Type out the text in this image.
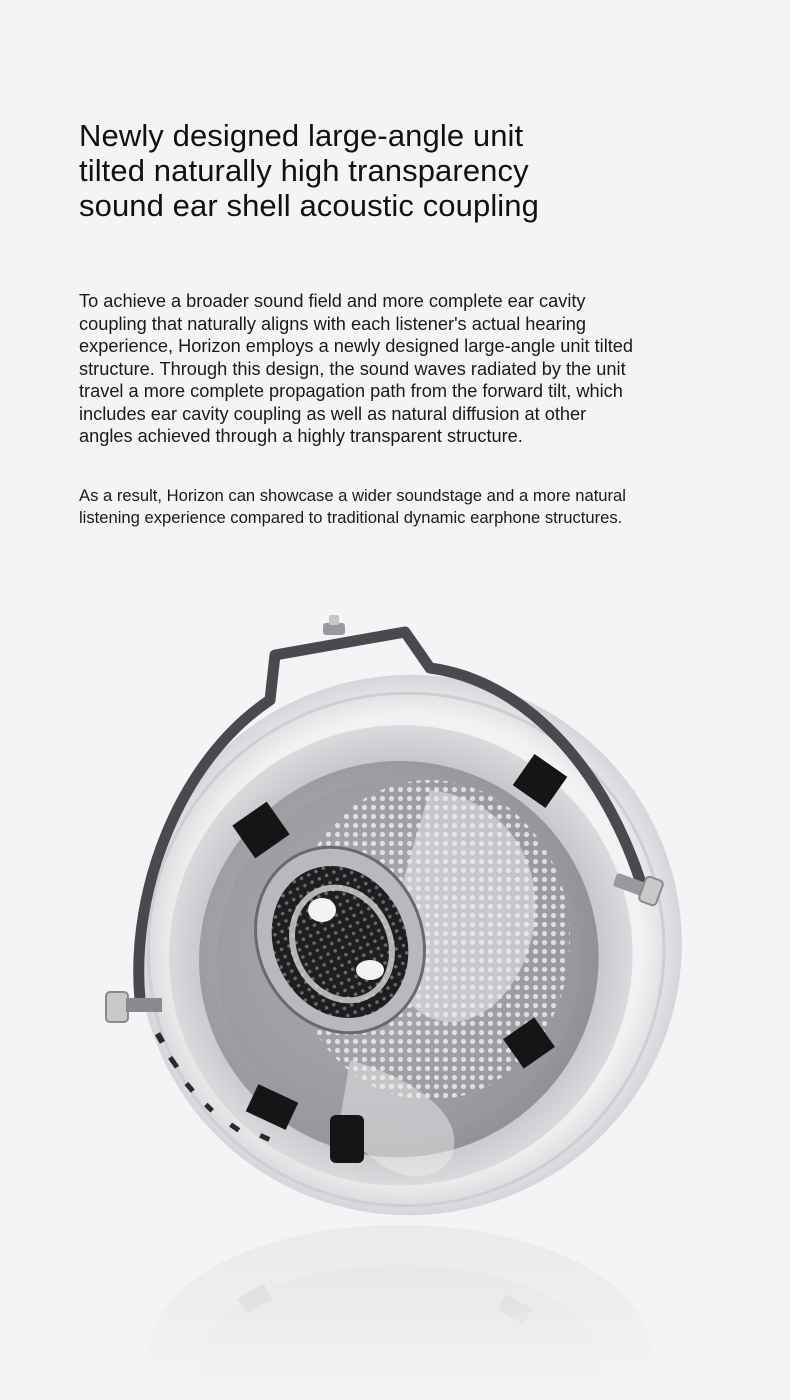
Newly designed large-angle unit
tilted naturally high transparency
sound ear shell acoustic coupling

To achieve a broader sound field and more complete ear cavity
coupling that naturally aligns with each listener's actual hearing
experience, Horizon employs a newly designed large-angle unit tilted
structure. Through this design, the sound waves radiated by the unit
travel a more complete propagation path from the forward tilt, which
includes ear cavity coupling as well as natural diffusion at other
angles achieved through a highly transparent structure.

As a result, Horizon can showcase a wider soundstage and a more natural
listening experience compared to traditional dynamic earphone structures.
